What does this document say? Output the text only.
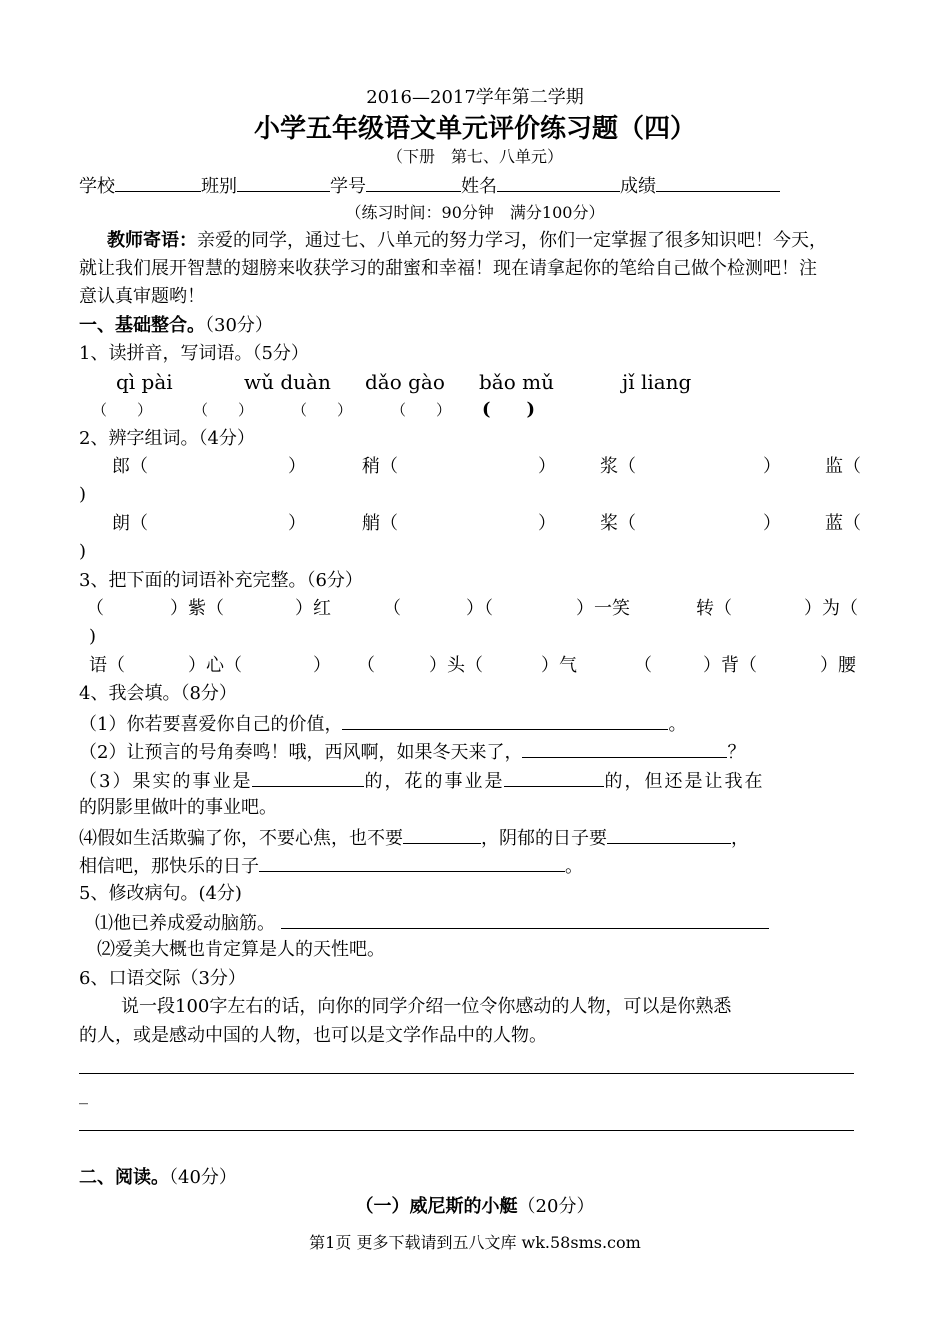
2016—2017学年第二学期
小学五年级语文单元评价练习题（四）
（下册　第七、八单元）
学校	班别	学号	姓名	成绩
（练习时间：90分钟　满分100分）
教师寄语：亲爱的同学，通过七、八单元的努力学习，你们一定掌握了很多知识吧！今天，
就让我们展开智慧的翅膀来收获学习的甜蜜和幸福！现在请拿起你的笔给自己做个检测吧！注
意认真审题哟！
一、基础整合。（30分）
1、读拼音，写词语。（5分）
qì pài	wǔ duàn dǎo gào bǎo mǔ	jǐ liang
（　　）	（　　）	（　　）	（　　） (　　)
2、辨字组词。（4分）
郎（	）	稍（	） 浆（	） 监（
)
朗（	）	艄（	） 桨（	） 蓝（
)
3、把下面的词语补充完整。（6分）
（	）紫（	）红	（	）（	）一笑	转（	）为（
)
语（	）心（	） （	）头（	）气	（	）背（	）腰
4、我会填。（8分）
（1）你若要喜爱你自己的价值，	。
（2）让预言的号角奏鸣！哦，西风啊，如果冬天来了，	？
（3）果实的事业是	的，花的事业是	的，但还是让我在
的阴影里做叶的事业吧。
⑷假如生活欺骗了你，不要心焦，也不要	，阴郁的日子要	，
相信吧，那快乐的日子	。
5、修改病句。(4分)
⑴他已养成爱动脑筋。
⑵爱美大概也肯定算是人的天性吧。
6、口语交际（3分）
说一段100字左右的话，向你的同学介绍一位令你感动的人物，可以是你熟悉
的人，或是感动中国的人物，也可以是文学作品中的人物。
_
二、阅读。（40分）
（一）威尼斯的小艇（20分）
第1页 更多下载请到五八文库 wk.58sms.com
